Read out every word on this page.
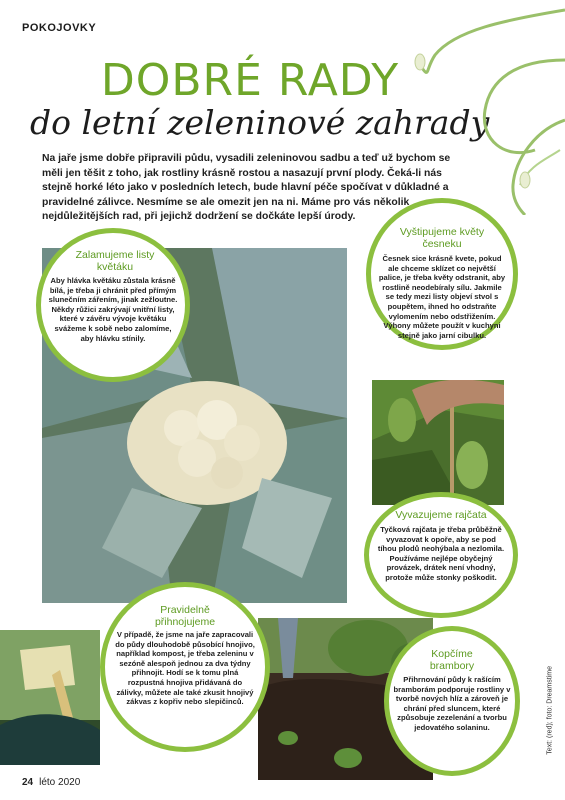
POKOJOVKY
DOBRÉ RADY
do letní zeleninové zahrady
Na jaře jsme dobře připravili půdu, vysadili zeleninovou sadbu a teď už bychom se měli jen těšit z toho, jak rostliny krásně rostou a nasazují první plody. Čeká-li nás stejně horké léto jako v posledních letech, bude hlavní péče spočívat v důkladné a pravidelné zálivce. Nesmíme se ale omezit jen na ni. Máme pro vás několik nejdůležitějších rad, při jejichž dodržení se dočkáte lepší úrody.
Zalamujeme listy květáku
Aby hlávka květáku zůstala krásně bílá, je třeba ji chránit před přímým slunečním zářením, jinak zežloutne. Někdy růžici zakrývají vnitřní listy, které v závěru vývoje květáku svážeme k sobě nebo zalomíme, aby hlávku stínily.
Vyštipujeme květy česneku
Česnek sice krásně kvete, pokud ale chceme sklízet co největší palice, je třeba květy odstranit, aby rostlině neodebíraly sílu. Jakmile se tedy mezi listy objeví stvol s poupětem, ihned ho odstraňte vylomením nebo odstřižením. Výhony můžete použít v kuchyni stejně jako jarní cibulku.
Vyvazujeme rajčata
Tyčková rajčata je třeba průběžně vyvazovat k opoře, aby se pod tíhou plodů neohýbala a nezlomila. Používáme nejlépe obyčejný provázek, drátek není vhodný, protože může stonky poškodit.
Pravidelně přihnojujeme
V případě, že jsme na jaře zapracovali do půdy dlouhodobě působící hnojivo, například kompost, je třeba zeleninu v sezóně alespoň jednou za dva týdny přihnojit. Hodí se k tomu plná rozpustná hnojiva přidávaná do zálivky, můžete ale také zkusit hnojivý zákvas z kopřiv nebo slepičinců.
Kopčíme brambory
Přihrnování půdy k rašícím bramborám podporuje rostliny v tvorbě nových hlíz a zároveň je chrání před sluncem, které způsobuje zezelenání a tvorbu jedovatého solaninu.	Text: (red); foto: Dreamstime
24 léto 2020
